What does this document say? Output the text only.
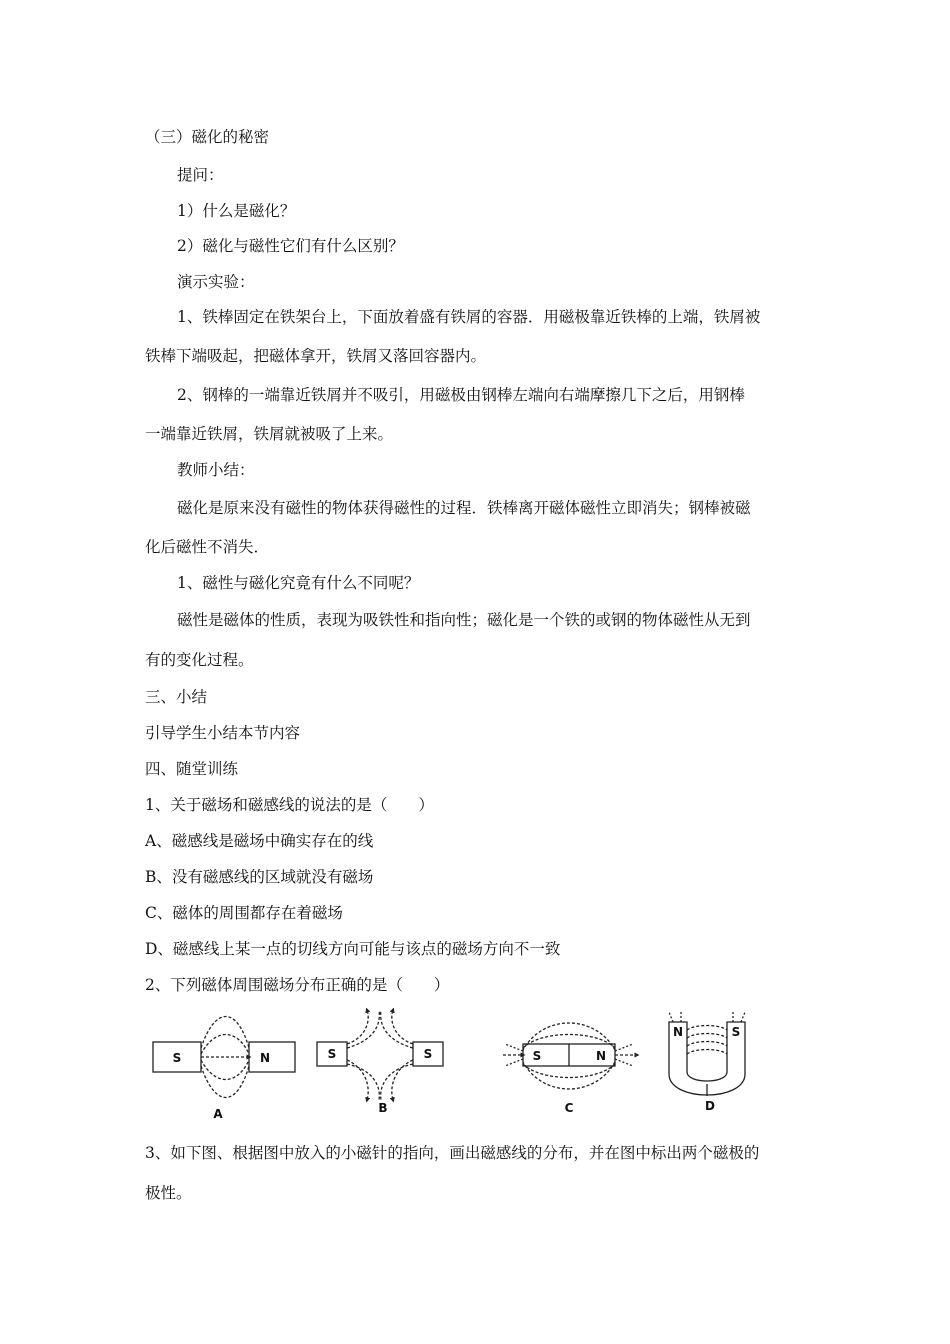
（三）磁化的秘密
提问：
1）什么是磁化？
2）磁化与磁性它们有什么区别？
演示实验：
1、铁棒固定在铁架台上，下面放着盛有铁屑的容器．用磁极靠近铁棒的上端，铁屑被
铁棒下端吸起，把磁体拿开，铁屑又落回容器内。
2、钢棒的一端靠近铁屑并不吸引，用磁极由钢棒左端向右端摩擦几下之后，用钢棒
一端靠近铁屑，铁屑就被吸了上来。
教师小结：
磁化是原来没有磁性的物体获得磁性的过程．铁棒离开磁体磁性立即消失；钢棒被磁
化后磁性不消失．
1、磁性与磁化究竟有什么不同呢？
磁性是磁体的性质，表现为吸铁性和指向性；磁化是一个铁的或钢的物体磁性从无到
有的变化过程。
三、小结
引导学生小结本节内容
四、随堂训练
1、关于磁场和磁感线的说法的是（　　）
A、磁感线是磁场中确实存在的线
B、没有磁感线的区域就没有磁场
C、磁体的周围都存在着磁场
D、磁感线上某一点的切线方向可能与该点的磁场方向不一致
2、下列磁体周围磁场分布正确的是（　　）
S	N	S	S	S	N
N	S
A	B	C	D
3、如下图、根据图中放入的小磁针的指向，画出磁感线的分布，并在图中标出两个磁极的
极性。
